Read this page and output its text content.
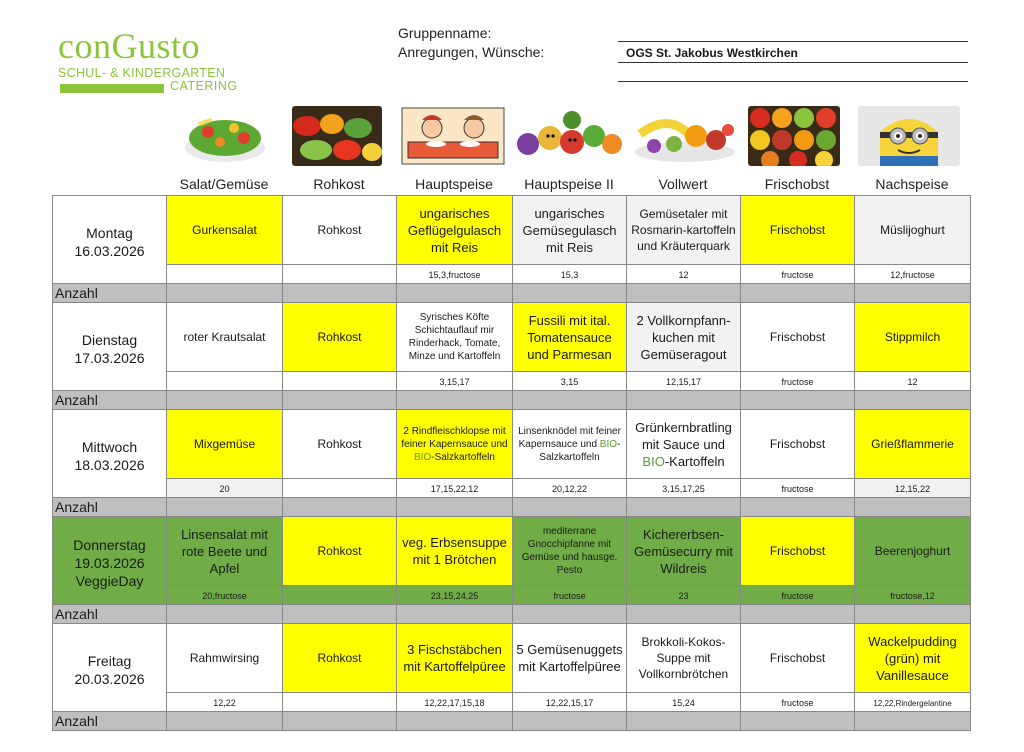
conGusto
SCHUL- & KINDERGARTEN
CATERING
Gruppenname:
Anregungen, Wünsche:	OGS St. Jakobus Westkirchen
Salat/Gemüse	Rohkost	Hauptspeise	Hauptspeise II	Vollwert	Frischobst	Nachspeise
Montag
16.03.2026	Gurkensalat	Rohkost	ungarisches Geflügelgulasch mit Reis	ungarisches Gemüsegulasch mit Reis	Gemüsetaler mit Rosmarin-kartoffeln und Kräuterquark	Frischobst	Müslijoghurt

			15,3,fructose	15,3	12	fructose	12,fructose
Anzahl							

Dienstag
17.03.2026	roter Krautsalat	Rohkost	Syrisches Köfte Schichtauflauf mir Rinderhack, Tomate, Minze und Kartoffeln	Fussili mit ital. Tomatensauce und Parmesan	2 Vollkornpfann-kuchen mit Gemüseragout	Frischobst	Stippmilch

			3,15,17	3,15	12,15,17	fructose	12
Anzahl							

Mittwoch
18.03.2026	Mixgemüse	Rohkost	2 Rindfleischklopse mit feiner Kapernsauce und BIO-Salzkartoffeln	Linsenknödel mit feiner Kapernsauce und BIO-Salzkartoffeln	Grünkernbratling mit Sauce und BIO-Kartoffeln	Frischobst	Grießflammerie

	20		17,15,22,12	20,12,22	3,15,17,25	fructose	12,15,22
Anzahl							

Donnerstag
19.03.2026
VeggieDay	Linsensalat mit rote Beete und Apfel	Rohkost	veg. Erbsensuppe mit 1 Brötchen	mediterrane Gnocchipfanne mit Gemüse und hausge. Pesto	Kichererbsen-Gemüsecurry mit Wildreis	Frischobst	Beerenjoghurt

	20,fructose		23,15,24,25	fructose	23	fructose	fructose,12
Anzahl							

Freitag
20.03.2026	Rahmwirsing	Rohkost	3 Fischstäbchen mit Kartoffelpüree	5 Gemüsenuggets mit Kartoffelpüree	Brokkoli-Kokos-Suppe mit Vollkornbrötchen	Frischobst	Wackelpudding (grün) mit Vanillesauce

	12,22		12,22,17,15,18	12,22,15,17	15,24	fructose	12,22,Rindergelantine
Anzahl							
